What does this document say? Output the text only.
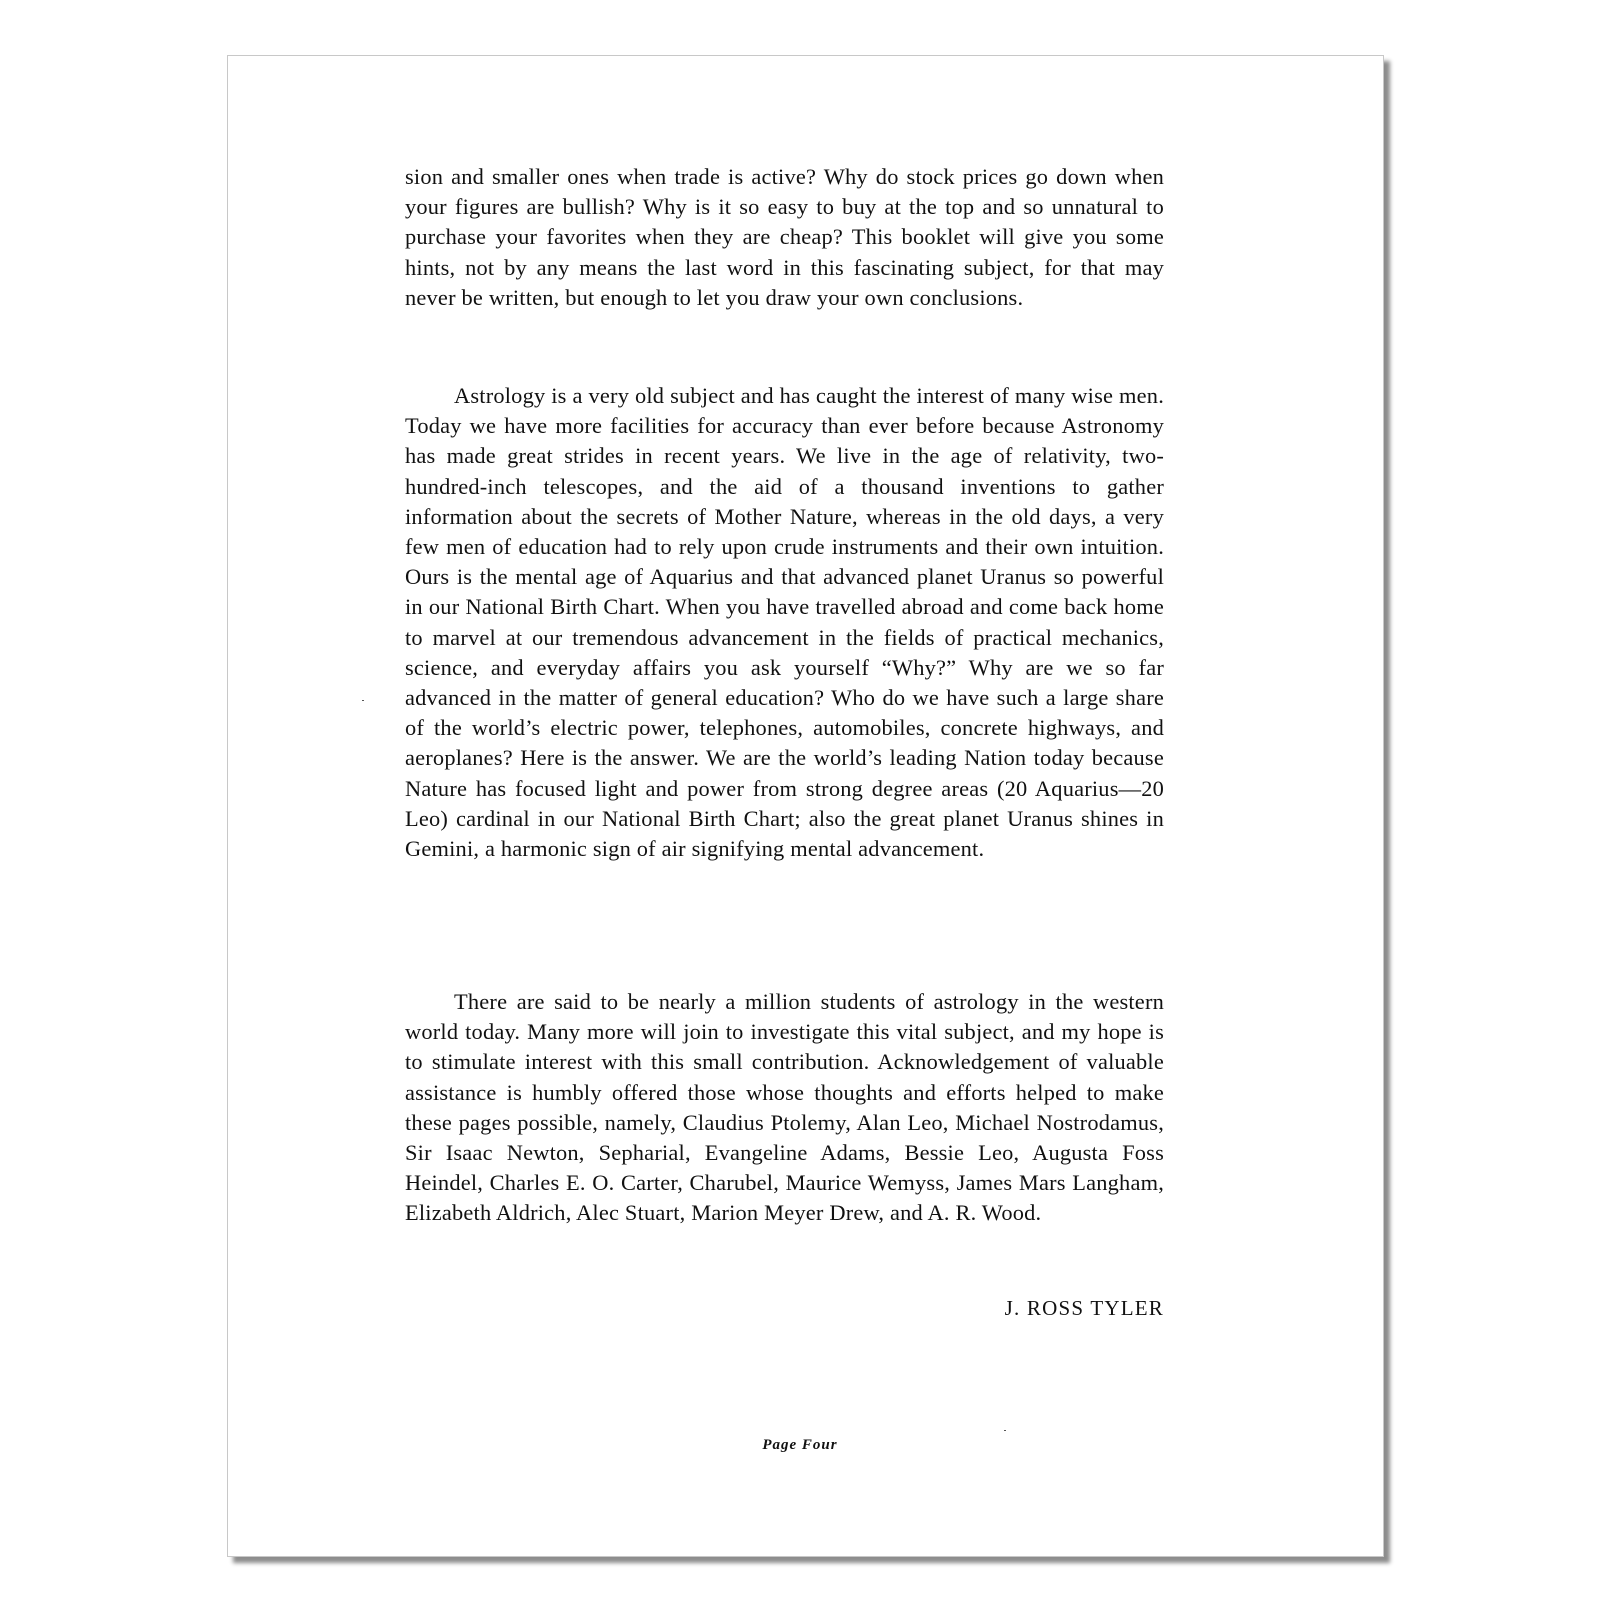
sion and smaller ones when trade is active? Why do stock prices go down when your figures are bullish? Why is it so easy to buy at the top and so unnatural to purchase your favorites when they are cheap? This booklet will give you some hints, not by any means the last word in this fascinating subject, for that may never be written, but enough to let you draw your own conclusions.

Astrology is a very old subject and has caught the interest of many wise men. Today we have more facilities for accuracy than ever before because Astronomy has made great strides in recent years. We live in the age of relativity, two-hundred-inch telescopes, and the aid of a thousand inventions to gather information about the secrets of Mother Nature, whereas in the old days, a very few men of education had to rely upon crude instruments and their own intuition. Ours is the mental age of Aquarius and that advanced planet Uranus so powerful in our National Birth Chart. When you have travelled abroad and come back home to marvel at our tremendous advancement in the fields of practical mechanics, science, and everyday affairs you ask yourself “Why?” Why are we so far advanced in the matter of general education? Who do we have such a large share of the world’s electric power, telephones, automobiles, concrete highways, and aeroplanes? Here is the answer. We are the world’s leading Nation today because Nature has focused light and power from strong degree areas (20 Aquarius—20 Leo) cardinal in our National Birth Chart; also the great planet Uranus shines in Gemini, a harmonic sign of air signifying mental advancement.

There are said to be nearly a million students of astrology in the western world today. Many more will join to investigate this vital subject, and my hope is to stimulate interest with this small contribution. Acknowledgement of valuable assistance is humbly offered those whose thoughts and efforts helped to make these pages possible, namely, Claudius Ptolemy, Alan Leo, Michael Nostrodamus, Sir Isaac Newton, Sepharial, Evangeline Adams, Bessie Leo, Augusta Foss Heindel, Charles E. O. Carter, Charubel, Maurice Wemyss, James Mars Langham, Elizabeth Aldrich, Alec Stuart, Marion Meyer Drew, and A. R. Wood.

J. ROSS TYLER
Page Four
